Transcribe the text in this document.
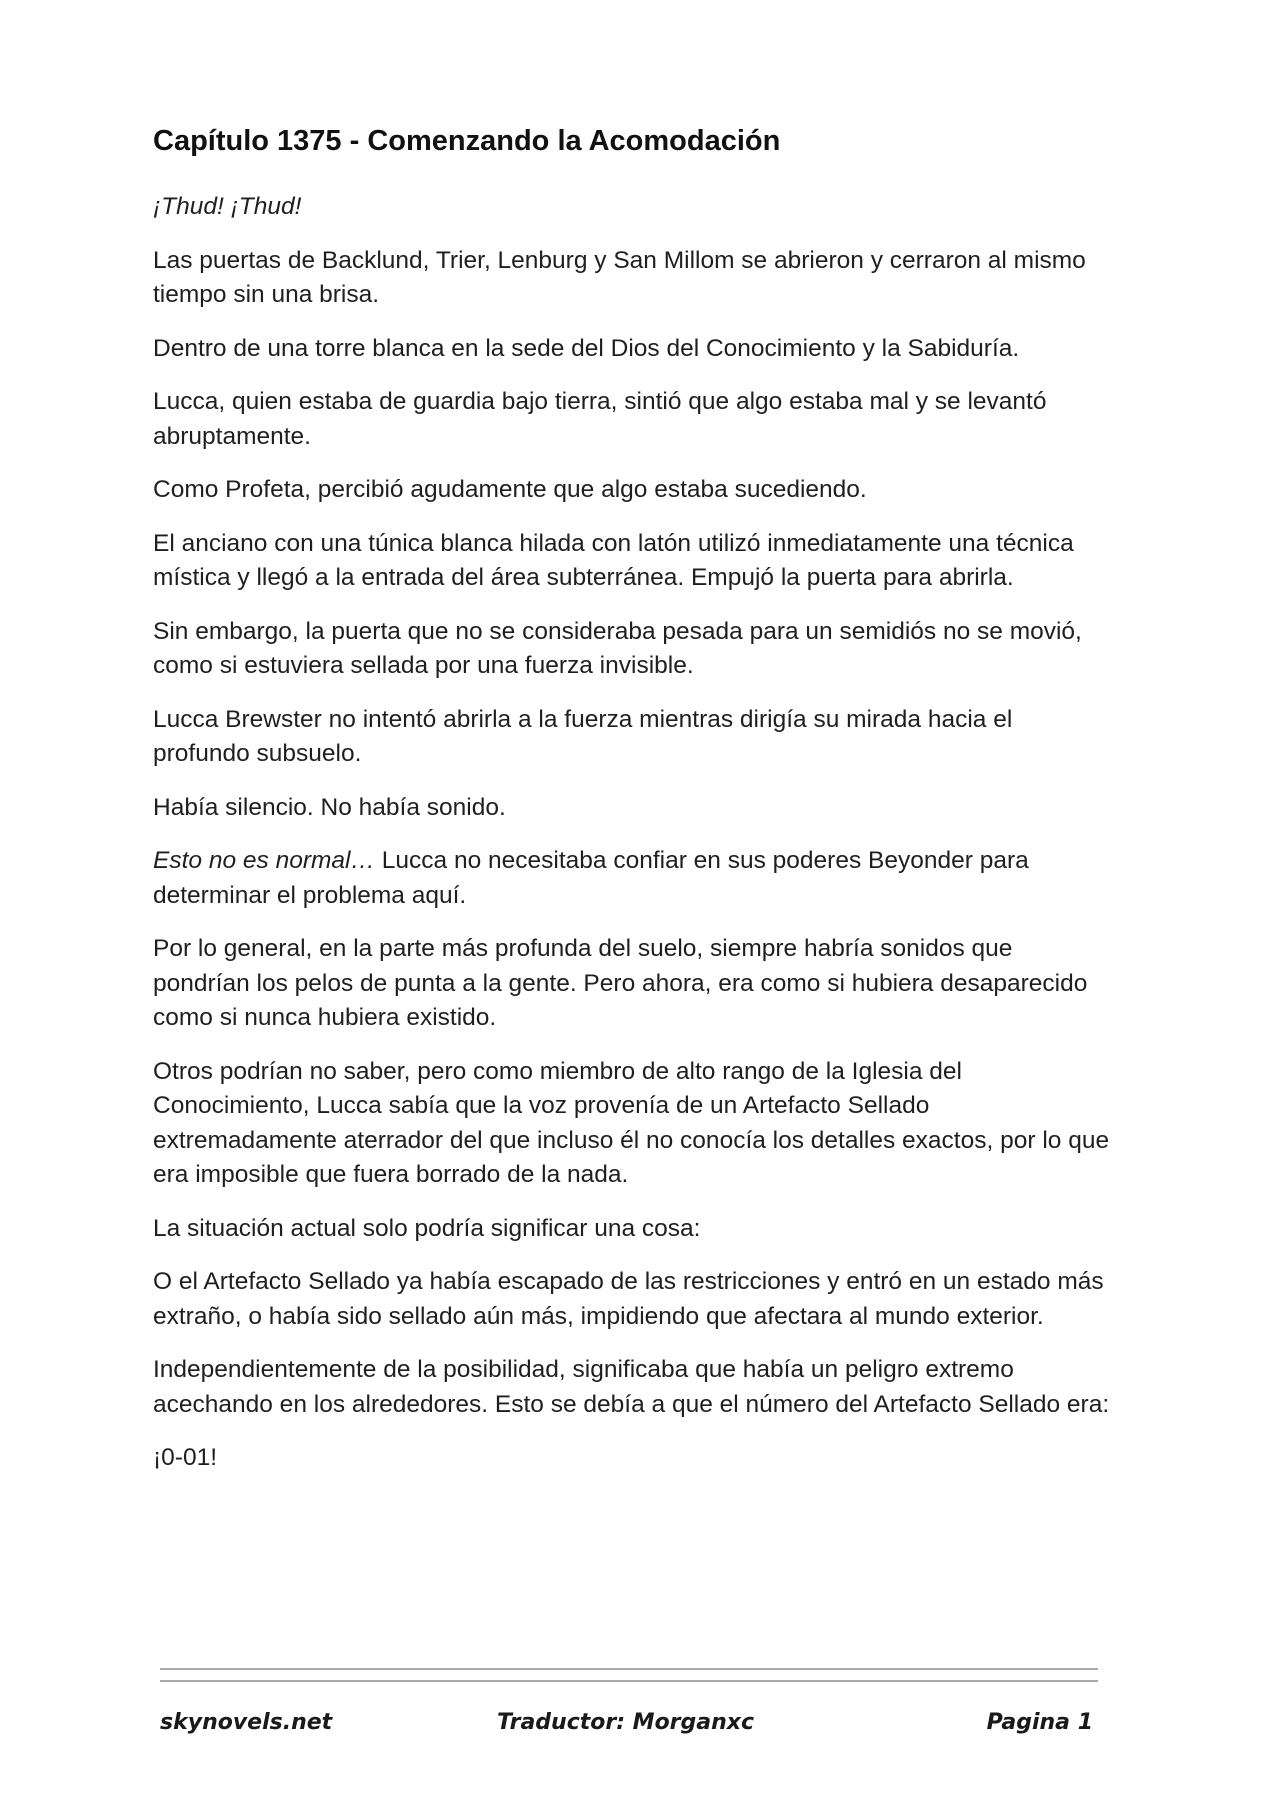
Capítulo 1375 - Comenzando la Acomodación

¡Thud! ¡Thud!

Las puertas de Backlund, Trier, Lenburg y San Millom se abrieron y cerraron al mismo tiempo sin una brisa.

Dentro de una torre blanca en la sede del Dios del Conocimiento y la Sabiduría.

Lucca, quien estaba de guardia bajo tierra, sintió que algo estaba mal y se levantó abruptamente.

Como Profeta, percibió agudamente que algo estaba sucediendo.

El anciano con una túnica blanca hilada con latón utilizó inmediatamente una técnica mística y llegó a la entrada del área subterránea. Empujó la puerta para abrirla.

Sin embargo, la puerta que no se consideraba pesada para un semidiós no se movió, como si estuviera sellada por una fuerza invisible.

Lucca Brewster no intentó abrirla a la fuerza mientras dirigía su mirada hacia el profundo subsuelo.

Había silencio. No había sonido.

Esto no es normal… Lucca no necesitaba confiar en sus poderes Beyonder para determinar el problema aquí.

Por lo general, en la parte más profunda del suelo, siempre habría sonidos que pondrían los pelos de punta a la gente. Pero ahora, era como si hubiera desaparecido como si nunca hubiera existido.

Otros podrían no saber, pero como miembro de alto rango de la Iglesia del Conocimiento, Lucca sabía que la voz provenía de un Artefacto Sellado extremadamente aterrador del que incluso él no conocía los detalles exactos, por lo que era imposible que fuera borrado de la nada.

La situación actual solo podría significar una cosa:

O el Artefacto Sellado ya había escapado de las restricciones y entró en un estado más extraño, o había sido sellado aún más, impidiendo que afectara al mundo exterior.

Independientemente de la posibilidad, significaba que había un peligro extremo acechando en los alrededores. Esto se debía a que el número del Artefacto Sellado era:

¡0-01!

skynovels.net	Traductor: Morganxc	Pagina 1
